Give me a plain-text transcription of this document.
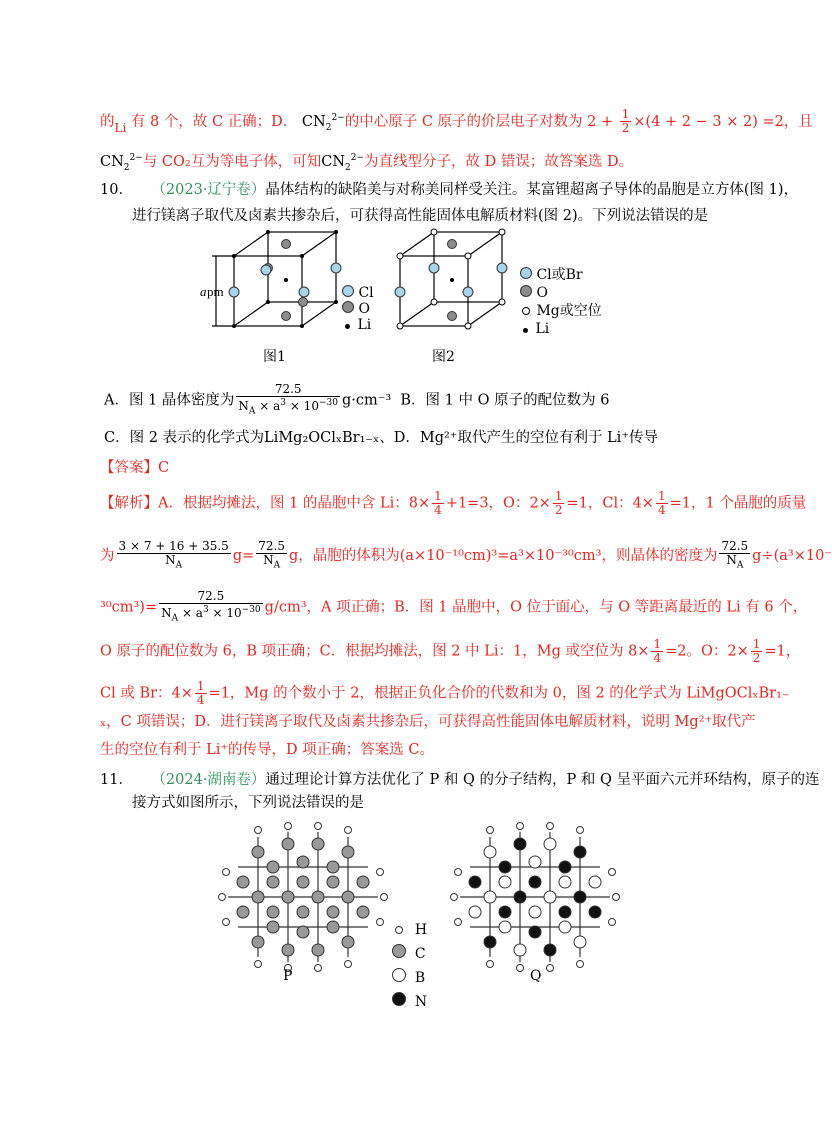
的$_{Li}$ 有 8 个，故 C 正确；D． $CN_2^{2-}$的中心原子 C 原子的价层电子对数为 $2 + \frac{1}{2} \times(4 + 2 - 3 \times 2) =2$，且
$CN_2^{2-}$与 CO₂互为等电子体，可知$CN_2^{2-}$为直线型分子，故 D 错误；故答案选 D。
10． （2023·辽宁卷）晶体结构的缺陷美与对称美同样受关注。某富锂超离子导体的晶胞是立方体(图 1)，
进行镁离子取代及卤素共掺杂后，可获得高性能固体电解质材料(图 2)。下列说法错误的是
a pm	Cl
O
Li
图1
Cl或Br
O
Mg或空位
Li
图2
A．图 1 晶体密度为 $\frac{72.5}{N_A \times a^3 \times 10^{-30}} g\cdot cm^{-3}$ B．图 1 中 O 原子的配位数为 6
C．图 2 表示的化学式为LiMg₂OClₓBr₁₋ₓ、D．Mg²⁺取代产生的空位有利于 Li⁺传导
【答案】C
【解析】A．根据均摊法，图 1 的晶胞中含 Li：$8\times \frac{1}{4} +1=3$，O：$2\times \frac{1}{2} =1$，Cl：$4\times \frac{1}{4} =1$，1 个晶胞的质量
为 $\frac{3 \times 7 + 16 + 35.5}{N_A} g= \frac{72.5}{N_A}$ g，晶胞的体积为(a×10⁻¹⁰cm)³=a³×10⁻³⁰cm³，则晶体的密度为 $\frac{72.5}{N_A} g\div(a^3\times 10^-$
$^{30}cm^3)= \frac{72.5}{N_A \times a^3 \times 10^{-30}} g/cm^3$，A 项正确；B．图 1 晶胞中，O 位于面心，与 O 等距离最近的 Li 有 6 个，
O 原子的配位数为 6，B 项正确；C．根据均摊法，图 2 中 Li：1，Mg 或空位为 $8\times \frac{1}{4} =2$。O：$2\times \frac{1}{2} =1$，
Cl 或 Br：$4\times \frac{1}{4} =1$，Mg 的个数小于 2，根据正负化合价的代数和为 0，图 2 的化学式为 LiMgOClₓBr₁₋
ₓ，C 项错误；D．进行镁离子取代及卤素共掺杂后，可获得高性能固体电解质材料，说明 Mg²⁺取代产
生的空位有利于 Li⁺的传导，D 项正确；答案选 C。
11． （2024·湖南卷）通过理论计算方法优化了 P 和 Q 的分子结构，P 和 Q 呈平面六元并环结构，原子的连
接方式如图所示，下列说法错误的是
P
H
C
B
N
Q
